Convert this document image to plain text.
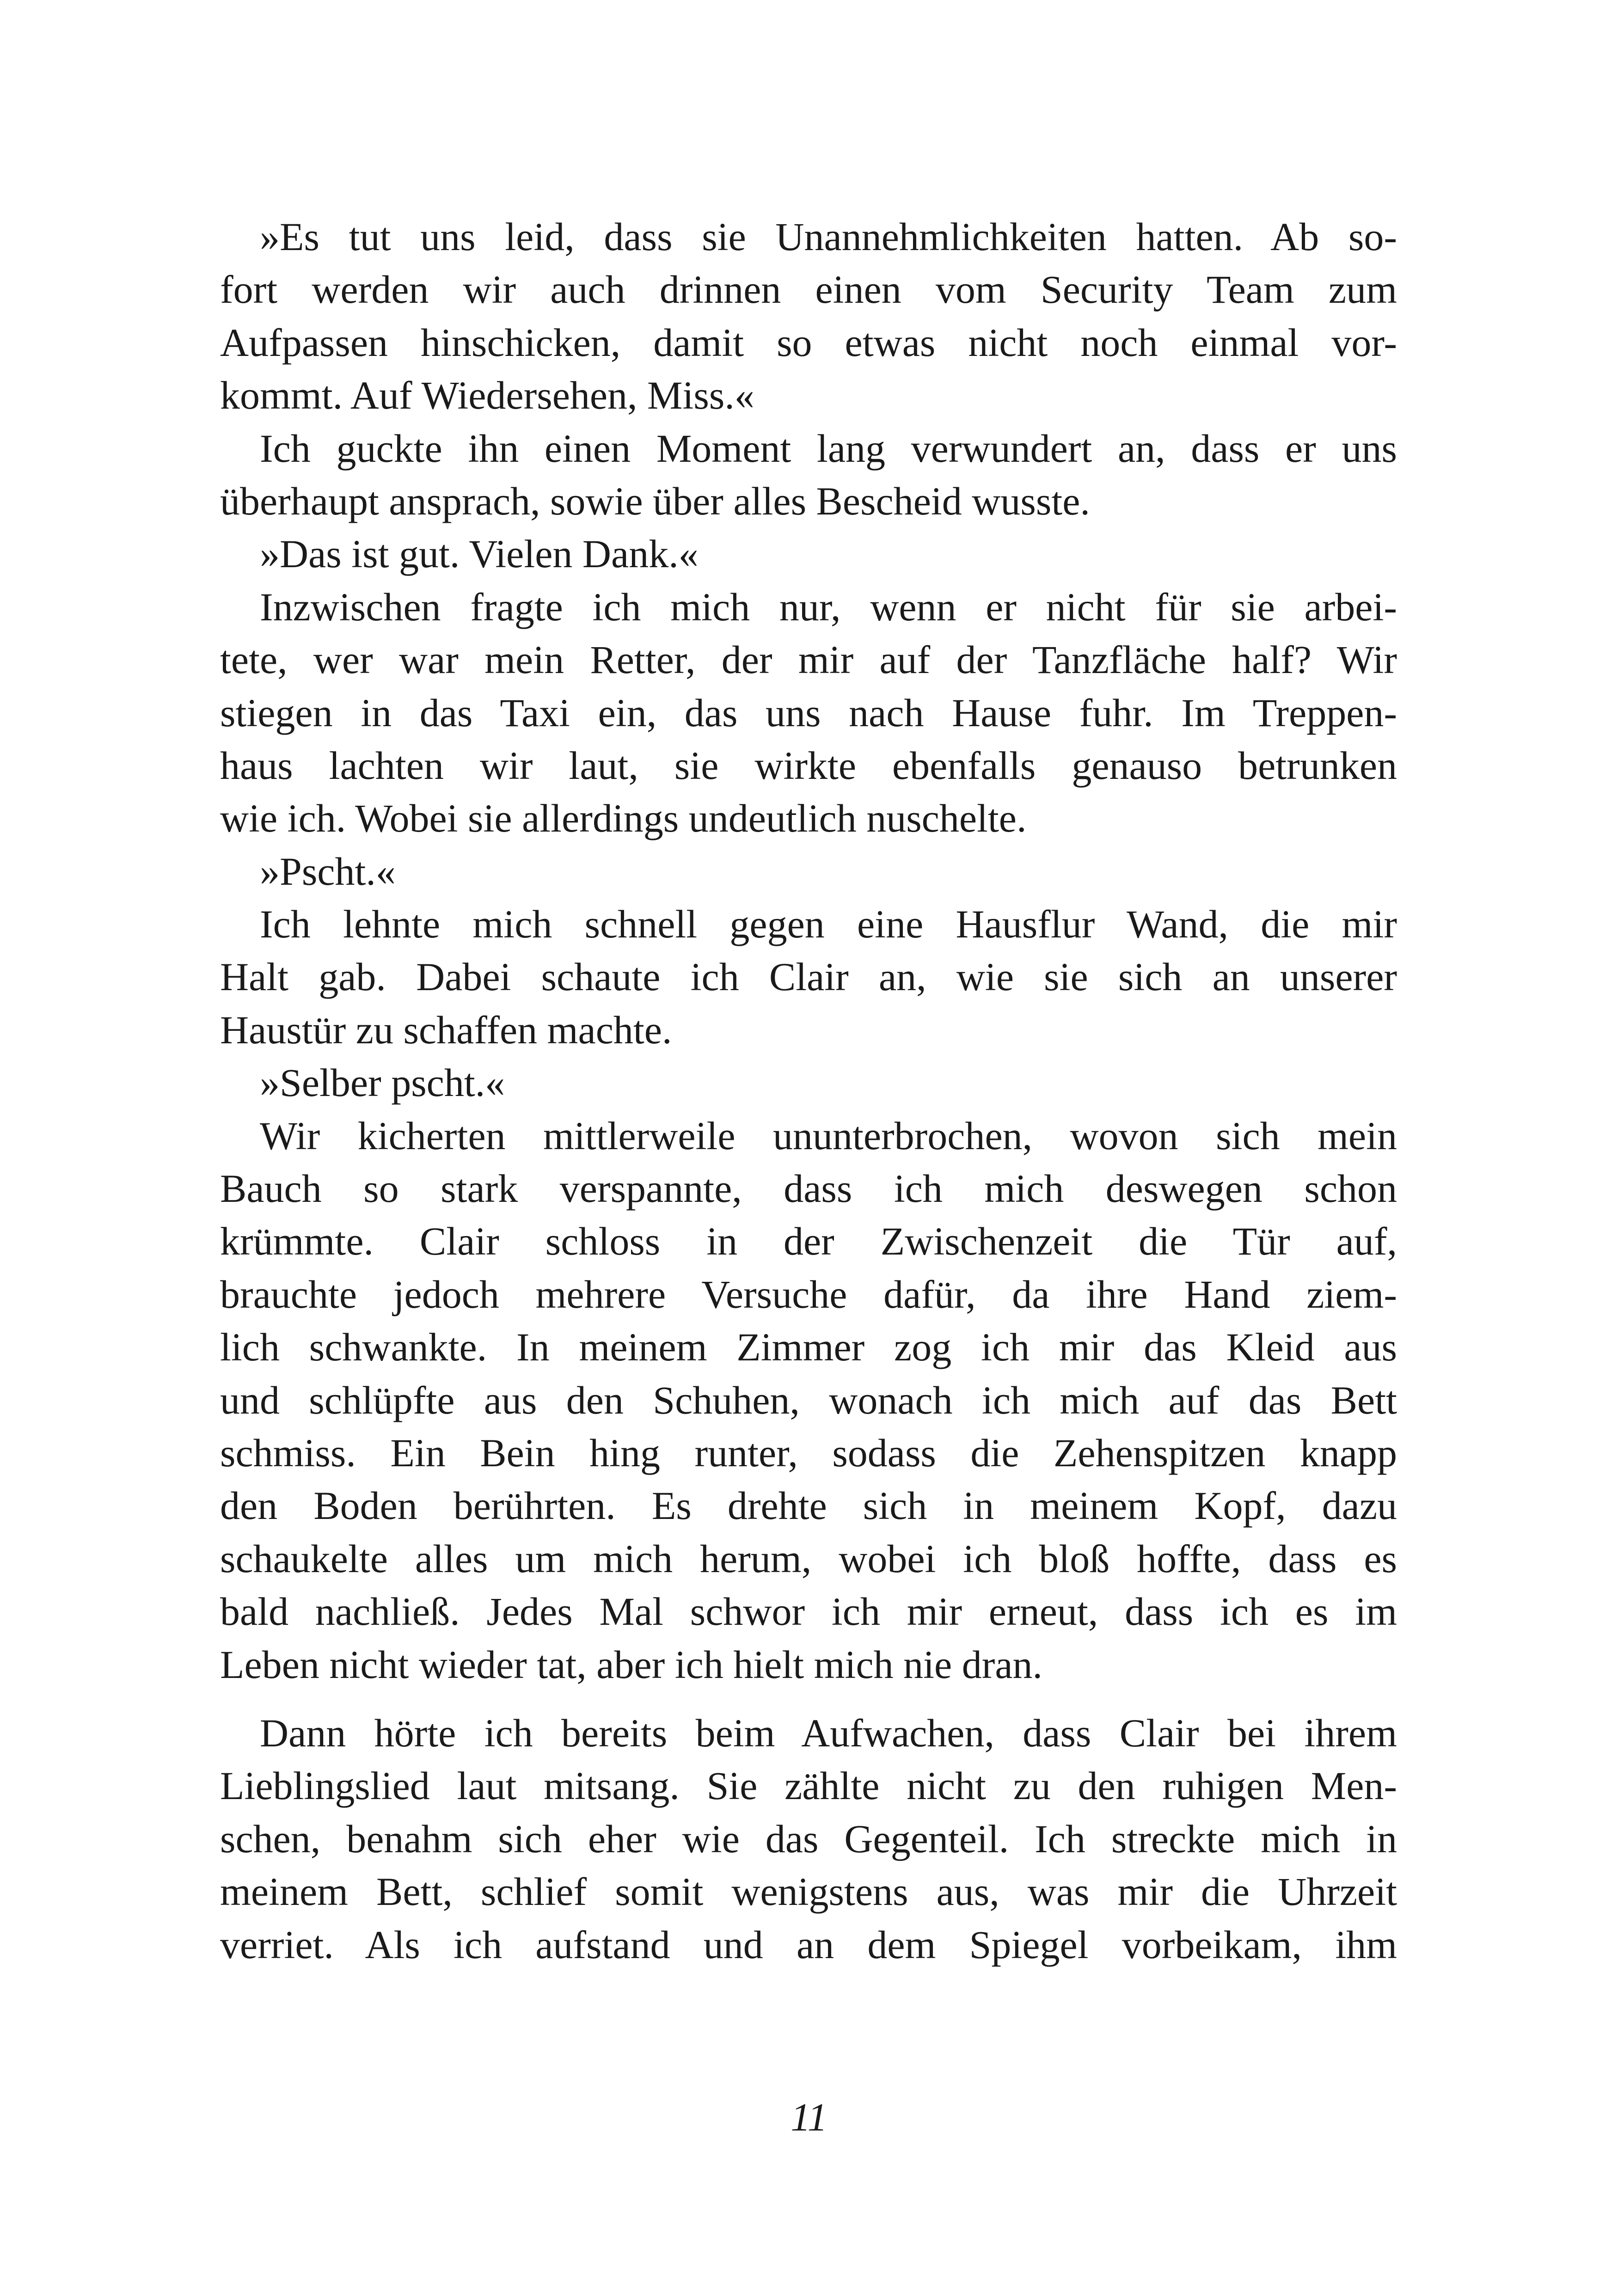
»Es tut uns leid, dass sie Unannehmlichkeiten hatten. Ab so-
fort werden wir auch drinnen einen vom Security Team zum
Aufpassen hinschicken, damit so etwas nicht noch einmal vor-
kommt. Auf Wiedersehen, Miss.«
Ich guckte ihn einen Moment lang verwundert an, dass er uns
überhaupt ansprach, sowie über alles Bescheid wusste.
»Das ist gut. Vielen Dank.«
Inzwischen fragte ich mich nur, wenn er nicht für sie arbei-
tete, wer war mein Retter, der mir auf der Tanzfläche half? Wir
stiegen in das Taxi ein, das uns nach Hause fuhr. Im Treppen-
haus lachten wir laut, sie wirkte ebenfalls genauso betrunken
wie ich. Wobei sie allerdings undeutlich nuschelte.
»Pscht.«
Ich lehnte mich schnell gegen eine Hausflur Wand, die mir
Halt gab. Dabei schaute ich Clair an, wie sie sich an unserer
Haustür zu schaffen machte.
»Selber pscht.«
Wir kicherten mittlerweile ununterbrochen, wovon sich mein
Bauch so stark verspannte, dass ich mich deswegen schon
krümmte. Clair schloss in der Zwischenzeit die Tür auf,
brauchte jedoch mehrere Versuche dafür, da ihre Hand ziem-
lich schwankte. In meinem Zimmer zog ich mir das Kleid aus
und schlüpfte aus den Schuhen, wonach ich mich auf das Bett
schmiss. Ein Bein hing runter, sodass die Zehenspitzen knapp
den Boden berührten. Es drehte sich in meinem Kopf, dazu
schaukelte alles um mich herum, wobei ich bloß hoffte, dass es
bald nachließ. Jedes Mal schwor ich mir erneut, dass ich es im
Leben nicht wieder tat, aber ich hielt mich nie dran.
Dann hörte ich bereits beim Aufwachen, dass Clair bei ihrem
Lieblingslied laut mitsang. Sie zählte nicht zu den ruhigen Men-
schen, benahm sich eher wie das Gegenteil. Ich streckte mich in
meinem Bett, schlief somit wenigstens aus, was mir die Uhrzeit
verriet. Als ich aufstand und an dem Spiegel vorbeikam, ihm
11
